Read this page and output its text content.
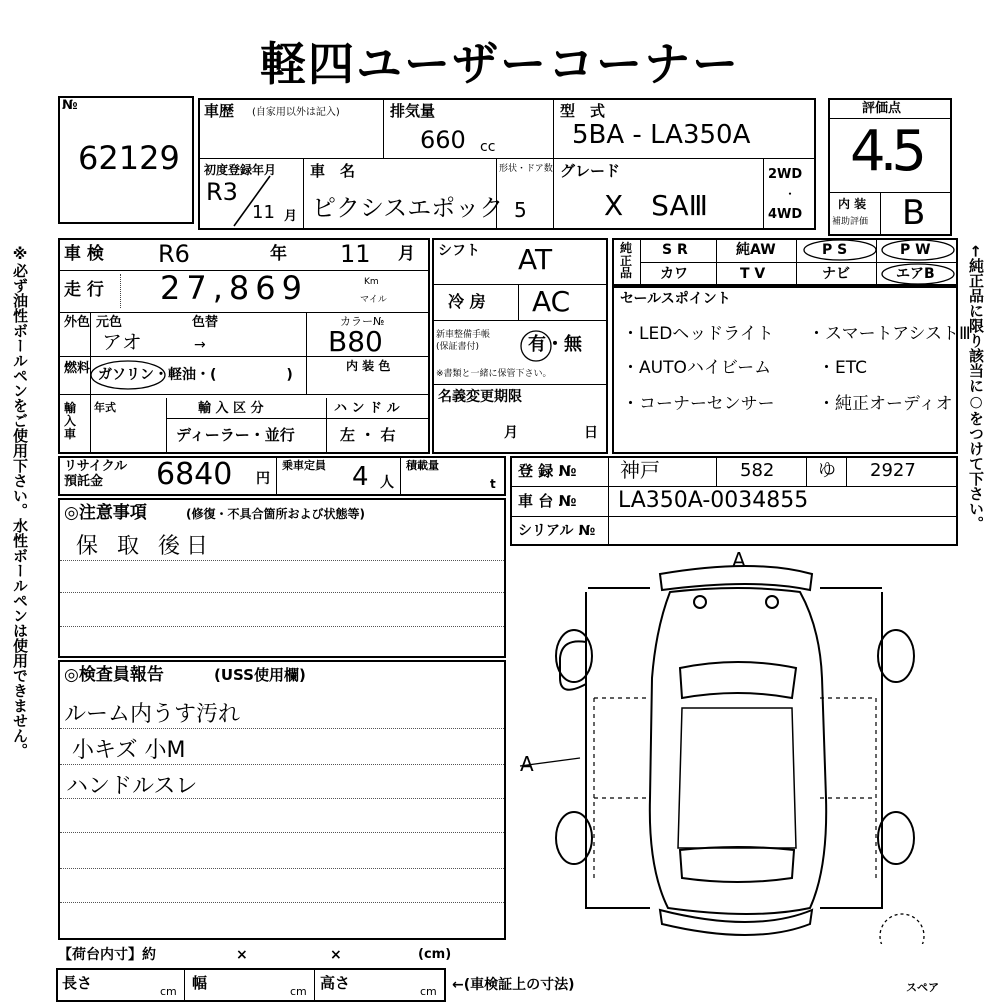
軽四ユーザーコーナー
※必ず油性ボールペンをご使用下さい。水性ボールペンは使用できません。	←純正品に限り該当に○をつけて下さい。
№
62129
車歴 (自家用以外は記入)	排気量
660 cc
型　式
5BA - LA350A
初度登録年月
R3
11 月
車　名
ピクシスエポック
形状・ドア数
5
グレード
X　SAⅢ
2WD
・
4WD
評価点
4.5
内 装
補助評価 B
車 検 R6	年 11 月
走 行 27,869	Km
マイル
外色 元色	色替
アオ	→
カラー№
B80
燃料 ガソリン・軽油・(　　　　　)
内 装 色
輸入車
年式	輸 入 区 分
ディーラー・並行
ハ ン ド ル
左 ・ 右
シフト AT
冷 房 AC
新車整備手帳
(保証書付)	有・無
※書類と一緒に保管下さい。
名義変更期限
月	日
純正品
S R	純AW	P S	P W
カワ	T V	ナビ	エアB
セールスポイント
・LEDヘッドライト ・スマートアシストⅢ
・AUTOハイビーム	・ETC
・コーナーセンサー	・純正オーディオ
リサイクル
預託金	6840 円
乗車定員 4 人
積載量
t
登 録 № 神戸	582 ゆ 2927
車 台 № LA350A-0034855
シリアル №
◎注意事項	(修復・不具合箇所および状態等)
保 取 後日
◎検査員報告	(USS使用欄)
ルーム内うす汚れ
小キズ 小M
ハンドルスレ
A
A
スペア
【荷台内寸】約	×	×	(cm)
長さ	cm 幅	cm 高さ	cm ←(車検証上の寸法)
